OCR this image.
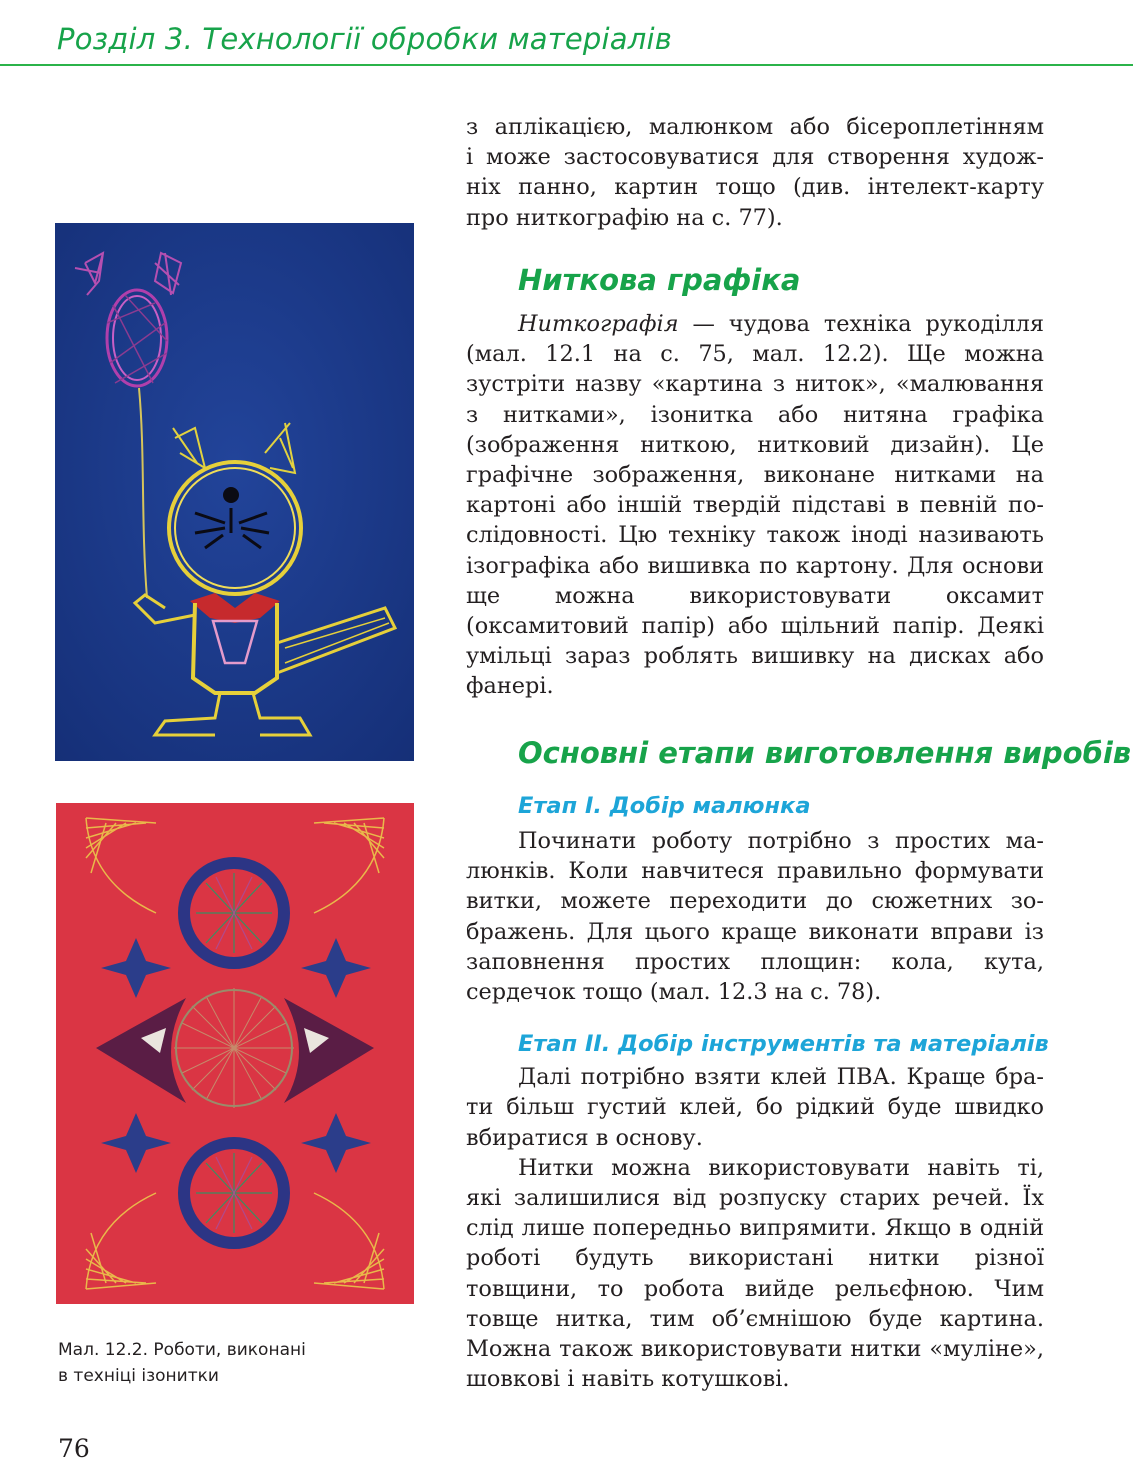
Розділ 3. Технології обробки матеріалів

з аплікацією, малюнком або бісероплетінням

і може застосовуватися для створення худож-

ніх панно, картин тощо (див. інтелект-карту

про ниткографію на с. 77).

Ниткова графіка

Ниткографія — чудова техніка рукоділля (мал. 12.1 на с. 75, мал. 12.2). Ще можна зустріти назву «картина з ниток», «малювання з нитками», ізонитка або нитяна графіка (зображення ниткою, нитковий дизайн). Це графічне зображення, виконане нитками на картоні або іншій твердій підставі в певній послідовності. Цю техніку також іноді називають ізографіка або вишивка по картону. Для основи ще можна використовувати оксамит (оксамитовий папір) або щільний папір. Деякі умільці зараз роблять вишивку на дисках або фанері.

Основні етапи виготовлення виробів
Етап I. Добір малюнка

Починати роботу потрібно з простих малюнків. Коли навчитеся правильно формувати витки, можете переходити до сюжетних зображень. Для цього краще виконати вправи із заповнення простих площин: кола, кута, сердечок тощо (мал. 12.3 на с. 78).

Етап II. Добір інструментів та матеріалів

Далі потрібно взяти клей ПВА. Краще брати більш густий клей, бо рідкий буде швидко вбиратися в основу.

Нитки можна використовувати навіть ті, які залишилися від розпуску старих речей. Їх слід лише попередньо випрямити. Якщо в одній роботі будуть використані нитки різної товщини, то робота вийде рельєфною. Чим товще нитка, тим об’ємнішою буде картина. Можна також використовувати нитки «муліне», шовкові і навіть котушкові.

Мал. 12.2. Роботи, виконані
в техніці ізонитки
76
